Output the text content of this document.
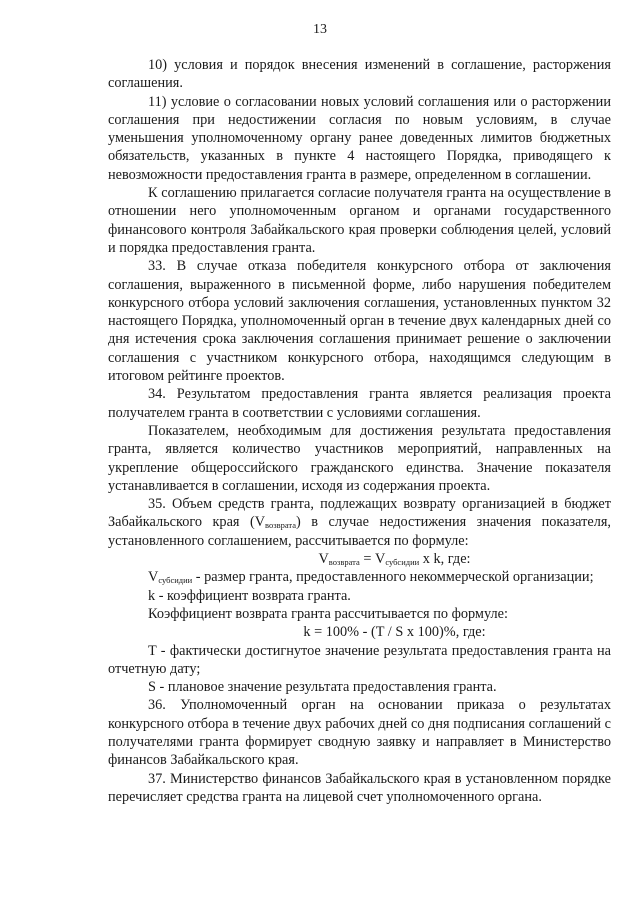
13

10) условия и порядок внесения изменений в соглашение, расторжения соглашения.

11) условие о согласовании новых условий соглашения или о расторжении соглашения при недостижении согласия по новым условиям, в случае уменьшения уполномоченному органу ранее доведенных лимитов бюджетных обязательств, указанных в пункте 4 настоящего Порядка, приводящего к невозможности предоставления гранта в размере, определенном в соглашении.

К соглашению прилагается согласие получателя гранта на осуществление в отношении него уполномоченным органом и органами государственного финансового контроля Забайкальского края проверки соблюдения целей, условий и порядка предоставления гранта.

33. В случае отказа победителя конкурсного отбора от заключения соглашения, выраженного в письменной форме, либо нарушения победителем конкурсного отбора условий заключения соглашения, установленных пунктом 32 настоящего Порядка, уполномоченный орган в течение двух календарных дней со дня истечения срока заключения соглашения принимает решение о заключении соглашения с участником конкурсного отбора, находящимся следующим в итоговом рейтинге проектов.

34. Результатом предоставления гранта является реализация проекта получателем гранта в соответствии с условиями соглашения.

Показателем, необходимым для достижения результата предоставления гранта, является количество участников мероприятий, направленных на укрепление общероссийского гражданского единства. Значение показателя устанавливается в соглашении, исходя из содержания проекта.

35. Объем средств гранта, подлежащих возврату организацией в бюджет Забайкальского края $(V_{возврата})$ в случае недостижения значения показателя, установленного соглашением, рассчитывается по формуле:

$V_{возврата} = V_{субсидии}$ x k, где:

$V_{субсидии}$ - размер гранта, предоставленного некоммерческой организации;

k - коэффициент возврата гранта.

Коэффициент возврата гранта рассчитывается по формуле:

k = 100% - (T / S x 100)%, где:

T - фактически достигнутое значение результата предоставления гранта на отчетную дату;

S - плановое значение результата предоставления гранта.

36. Уполномоченный орган на основании приказа о результатах конкурсного отбора в течение двух рабочих дней со дня подписания соглашений с получателями гранта формирует сводную заявку и направляет в Министерство финансов Забайкальского края.

37. Министерство финансов Забайкальского края в установленном порядке перечисляет средства гранта на лицевой счет уполномоченного органа.
